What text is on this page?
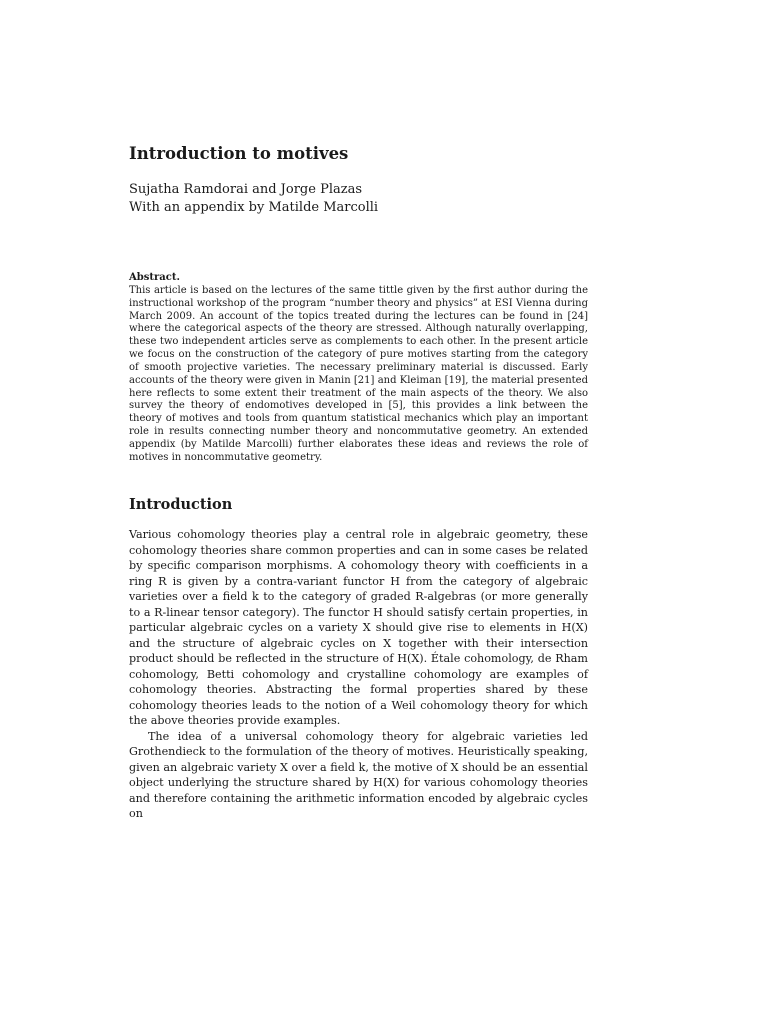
Introduction to motives
Sujatha Ramdorai and Jorge Plazas
With an appendix by Matilde Marcolli
Abstract.
This article is based on the lectures of the same tittle given by the first author during the instructional workshop of the program “number theory and physics” at ESI Vienna during March 2009. An account of the topics treated during the lectures can be found in [24] where the categorical aspects of the theory are stressed. Although naturally overlapping, these two independent articles serve as complements to each other. In the present article we focus on the construction of the category of pure motives starting from the category of smooth projective varieties. The necessary preliminary material is discussed. Early accounts of the theory were given in Manin [21] and Kleiman [19], the material presented here reflects to some extent their treatment of the main aspects of the theory. We also survey the theory of endomotives developed in [5], this provides a link between the theory of motives and tools from quantum statistical mechanics which play an important role in results connecting number theory and noncommutative geometry. An extended appendix (by Matilde Marcolli) further elaborates these ideas and reviews the role of motives in noncommutative geometry.
Introduction

Various cohomology theories play a central role in algebraic geometry, these cohomology theories share common properties and can in some cases be related by specific comparison morphisms. A cohomology theory with coefficients in a ring R is given by a contra-variant functor H from the category of algebraic varieties over a field k to the category of graded R-algebras (or more generally to a R-linear tensor category). The functor H should satisfy certain properties, in particular algebraic cycles on a variety X should give rise to elements in H(X) and the structure of algebraic cycles on X together with their intersection product should be reflected in the structure of H(X). Étale cohomology, de Rham cohomology, Betti cohomology and crystalline cohomology are examples of cohomology theories. Abstracting the formal properties shared by these cohomology theories leads to the notion of a Weil cohomology theory for which the above theories provide examples.

The idea of a universal cohomology theory for algebraic varieties led Grothendieck to the formulation of the theory of motives. Heuristically speaking, given an algebraic variety X over a field k, the motive of X should be an essential object underlying the structure shared by H(X) for various cohomology theories and therefore containing the arithmetic information encoded by algebraic cycles on
